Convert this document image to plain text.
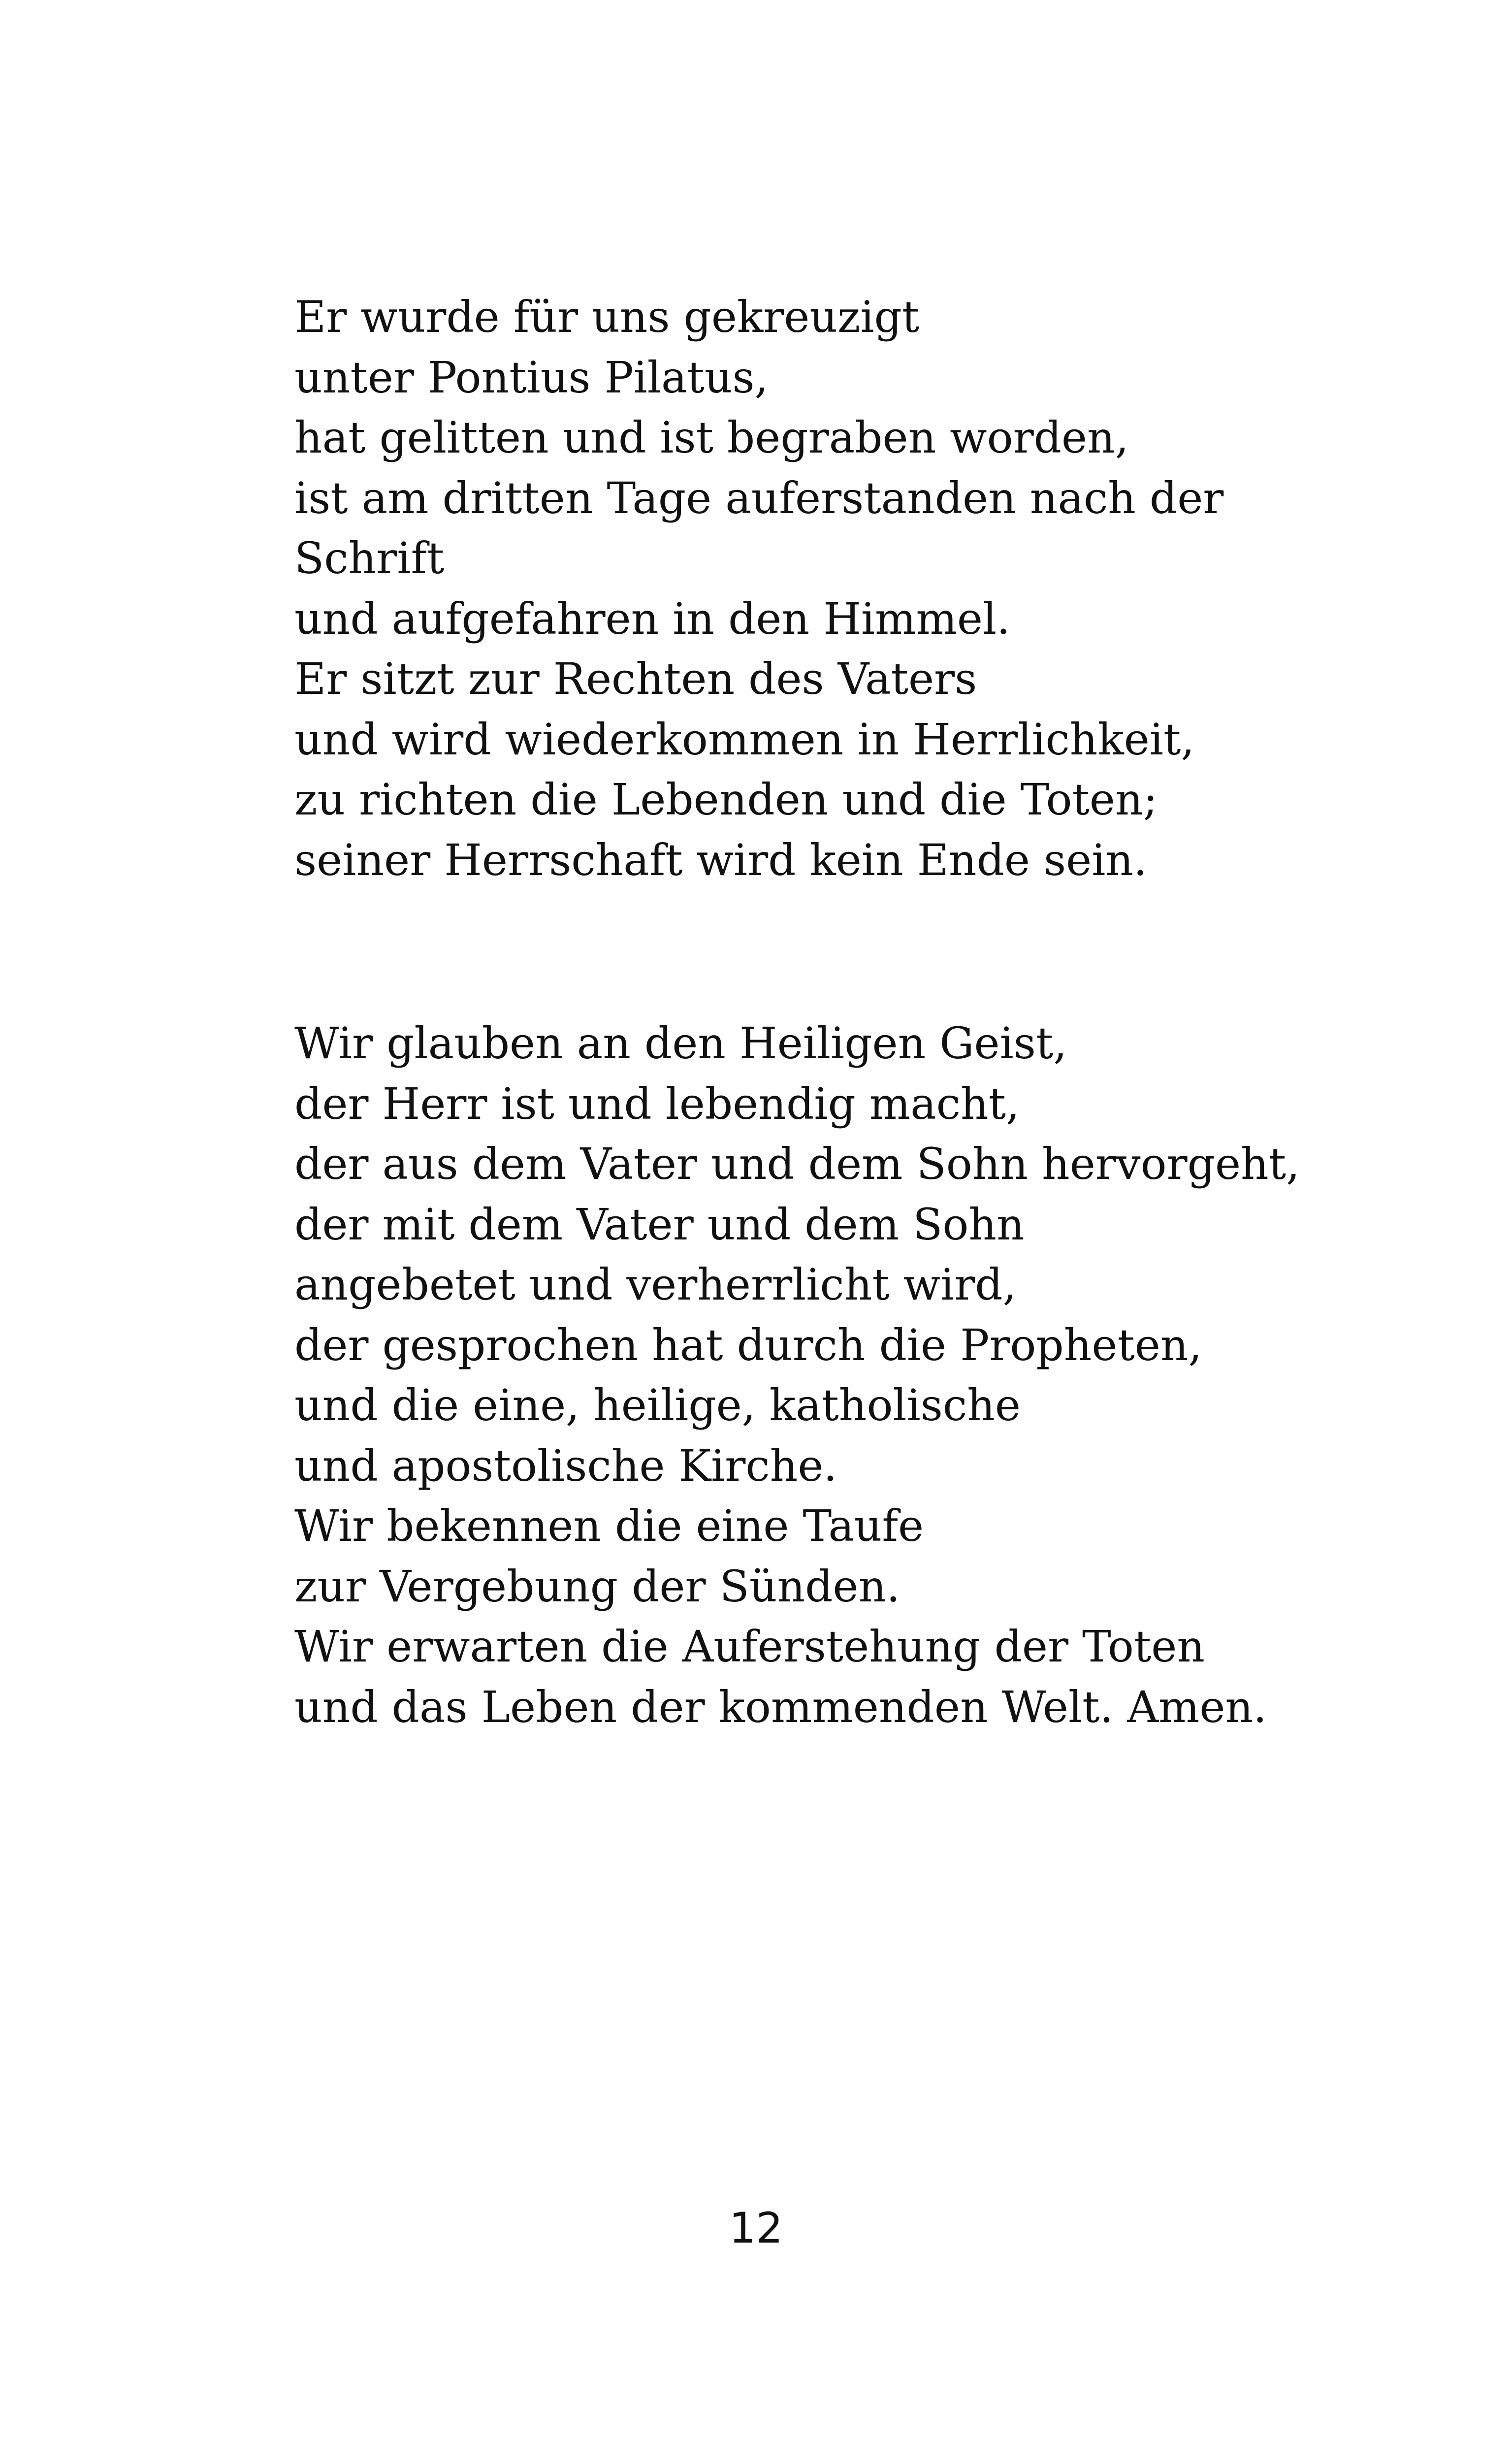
Er wurde für uns gekreuzigt
unter Pontius Pilatus,
hat gelitten und ist begraben worden,
ist am dritten Tage auferstanden nach der
Schrift
und aufgefahren in den Himmel.
Er sitzt zur Rechten des Vaters
und wird wiederkommen in Herrlichkeit,
zu richten die Lebenden und die Toten;
seiner Herrschaft wird kein Ende sein.

Wir glauben an den Heiligen Geist,
der Herr ist und lebendig macht,
der aus dem Vater und dem Sohn hervorgeht,
der mit dem Vater und dem Sohn
angebetet und verherrlicht wird,
der gesprochen hat durch die Propheten,
und die eine, heilige, katholische
und apostolische Kirche.
Wir bekennen die eine Taufe
zur Vergebung der Sünden.
Wir erwarten die Auferstehung der Toten
und das Leben der kommenden Welt. Amen.

12
